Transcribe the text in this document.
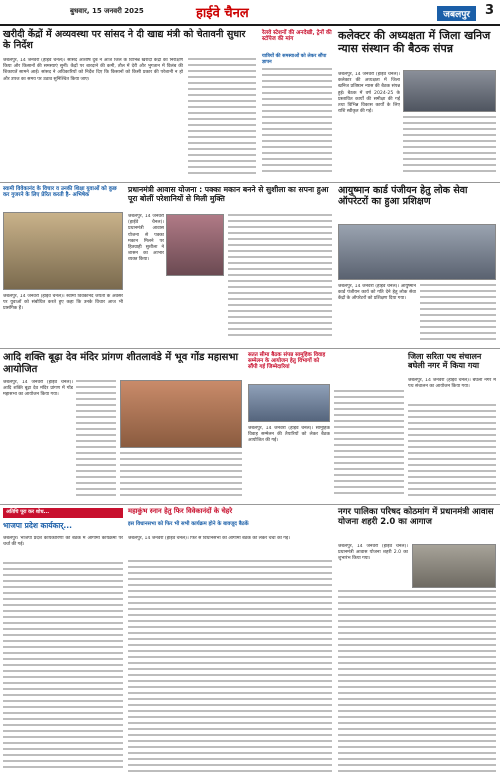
बुधवार, 15 जनवरी 2025	हाईवे चैनल	जबलपुर	3
खरीदी केंद्रों में अव्यवस्था पर सांसद ने दी खाद्य मंत्री को चेतावनी सुधार के निर्देश
जबलपुर, 14 जनवरी (हाईवे चैनल)। सांसद आशीष दुबे ने आज जिले के विभिन्न खरीदी केंद्रों का निरीक्षण किया और किसानों की समस्याएं सुनीं। केंद्रों पर बारदाने की कमी, तौल में देरी और भुगतान में विलंब की शिकायतें सामने आईं। सांसद ने अधिकारियों को निर्देश दिए कि किसानों को किसी प्रकार की परेशानी न हो और उपज का समय पर उठाव सुनिश्चित किया जाए।
रेलवे स्टेशनों की अनदेखी, ट्रेनों की स्टॉपेज की मांग
यात्रियों की समस्याओं को लेकर सौंपा ज्ञापन
कलेक्टर की अध्यक्षता में जिला खनिज न्यास संस्थान की बैठक संपन्न
जबलपुर, 14 जनवरी (हाईवे चैनल)। कलेक्टर की अध्यक्षता में जिला खनिज प्रतिष्ठान न्यास की बैठक संपन्न हुई। बैठक में वर्ष 2024-25 के प्रस्तावित कार्यों की समीक्षा की गई तथा विभिन्न विकास कार्यों के लिए राशि स्वीकृत की गई।
स्वामी विवेकानंद के विचार व उनकी शिक्षा युवाओं को कुछ कर गुजरने के लिए प्रेरित करती है- अभिषेक
जबलपुर, 14 जनवरी (हाईवे चैनल)। स्वामी विवेकानंद जयंती के अवसर पर युवाओं को संबोधित करते हुए कहा कि उनके विचार आज भी प्रासंगिक हैं।
प्रधानमंत्री आवास योजना : पक्का मकान बनने से सुशीला का सपना हुआ पूरा बोलीं परेशानियों से मिली मुक्ति
जबलपुर, 14 जनवरी (हाईवे चैनल)। प्रधानमंत्री आवास योजना से पक्का मकान मिलने पर हितग्राही सुशीला ने शासन का आभार व्यक्त किया।
आयुष्मान कार्ड पंजीयन हेतु लोक सेवा ऑपरेटरों का हुआ प्रशिक्षण
जबलपुर, 14 जनवरी (हाईवे चैनल)। आयुष्मान कार्ड पंजीयन कार्य को गति देने हेतु लोक सेवा केंद्रों के ऑपरेटरों को प्रशिक्षण दिया गया।
आदि शक्ति बूढ़ा देव मंदिर प्रांगण शीतलावंडे में भूव गोंड महासभा आयोजित
जबलपुर, 14 जनवरी (हाईवे चैनल)। आदि शक्ति बूढ़ा देव मंदिर प्रांगण में गोंड महासभा का आयोजन किया गया।
सतत सीमा बैठक संपन्न सामूहिक विवाह सम्मेलन के आयोजन हेतु विभागों को सौंपी गई जिम्मेदारियां
जबलपुर, 14 जनवरी (हाईवे चैनल)। सामूहिक विवाह सम्मेलन की तैयारियों को लेकर बैठक आयोजित की गई।
जिला सरिता पथ संचालन बघेली नगर में किया गया
जबलपुर, 14 जनवरी (हाईवे चैनल)। बघेली नगर में पथ संचालन का आयोजन किया गया।
अतिथि पूरा कर शोध...
भाजपा प्रदेश कार्यकार्...
जबलपुर। भाजपा प्रदेश कार्यकारिणी की बैठक में आगामी कार्यक्रमों पर चर्चा की गई।
महाकुंभ स्नान हेतु फिर विवेकानंदों के चेहरे
इस विधानसभा को फिर भी सभी कार्यक्रम होने के बावजूद बैठकें
जबलपुर, 14 जनवरी (हाईवे चैनल)। फिर से विधानसभा की आगामी बैठक को लेकर चर्चा की गई।
नगर पालिका परिषद कोठमांग में प्रधानमंत्री आवास योजना शहरी 2.0 का आगाज
जबलपुर, 14 जनवरी (हाईवे चैनल)। प्रधानमंत्री आवास योजना शहरी 2.0 का शुभारंभ किया गया।
